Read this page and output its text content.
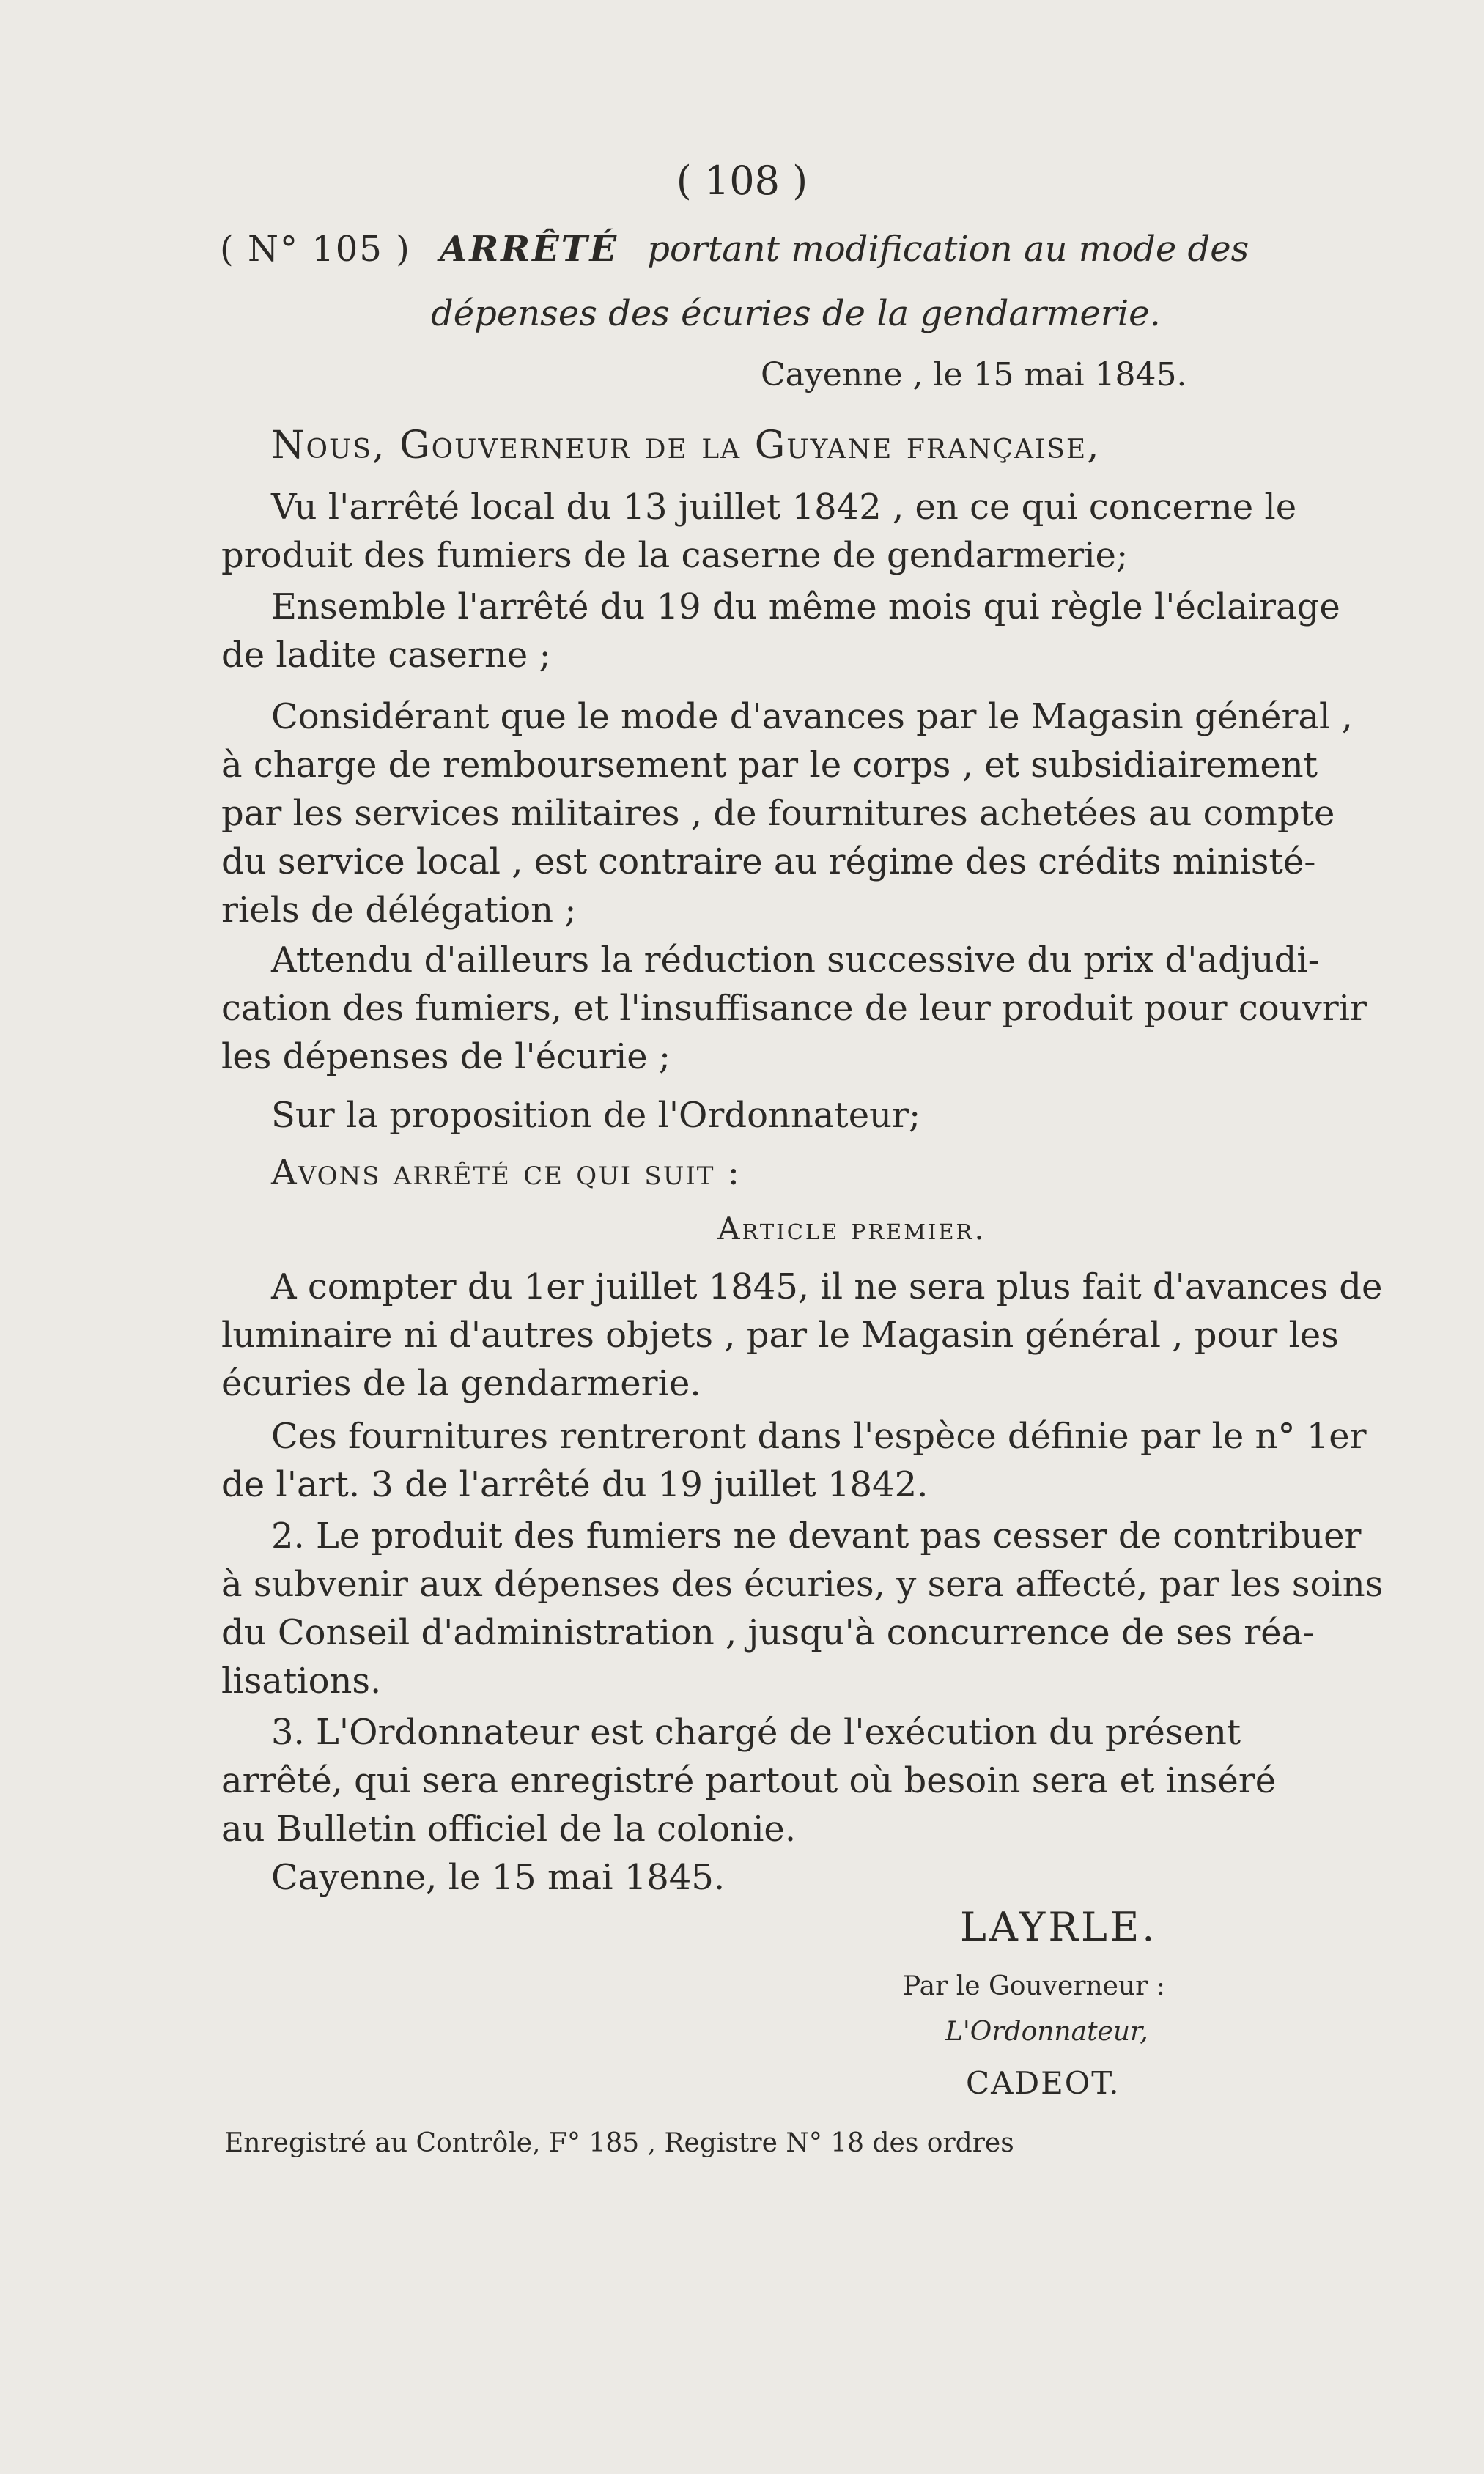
( 108 )
( N° 105 ) ARRÊTÉ portant modification au mode des
dépenses des écuries de la gendarmerie.
Cayenne , le 15 mai 1845.
Nous, Gouverneur de la Guyane française,
Vu l'arrêté local du 13 juillet 1842 , en ce qui concerne le
produit des fumiers de la caserne de gendarmerie;
Ensemble l'arrêté du 19 du même mois qui règle l'éclairage
de ladite caserne ;
Considérant que le mode d'avances par le Magasin général ,
à charge de remboursement par le corps , et subsidiairement
par les services militaires , de fournitures achetées au compte
du service local , est contraire au régime des crédits ministé-
riels de délégation ;
Attendu d'ailleurs la réduction successive du prix d'adjudi-
cation des fumiers, et l'insuffisance de leur produit pour couvrir
les dépenses de l'écurie ;
Sur la proposition de l'Ordonnateur;
Avons arrêté ce qui suit :
Article premier.
A compter du 1er juillet 1845, il ne sera plus fait d'avances de
luminaire ni d'autres objets , par le Magasin général , pour les
écuries de la gendarmerie.
Ces fournitures rentreront dans l'espèce définie par le n° 1er
de l'art. 3 de l'arrêté du 19 juillet 1842.
2. Le produit des fumiers ne devant pas cesser de contribuer
à subvenir aux dépenses des écuries, y sera affecté, par les soins
du Conseil d'administration , jusqu'à concurrence de ses réa-
lisations.
3. L'Ordonnateur est chargé de l'exécution du présent
arrêté, qui sera enregistré partout où besoin sera et inséré
au Bulletin officiel de la colonie.
Cayenne, le 15 mai 1845.
LAYRLE.
Par le Gouverneur :
L'Ordonnateur,
CADEOT.
Enregistré au Contrôle, F° 185 , Registre N° 18 des ordres
